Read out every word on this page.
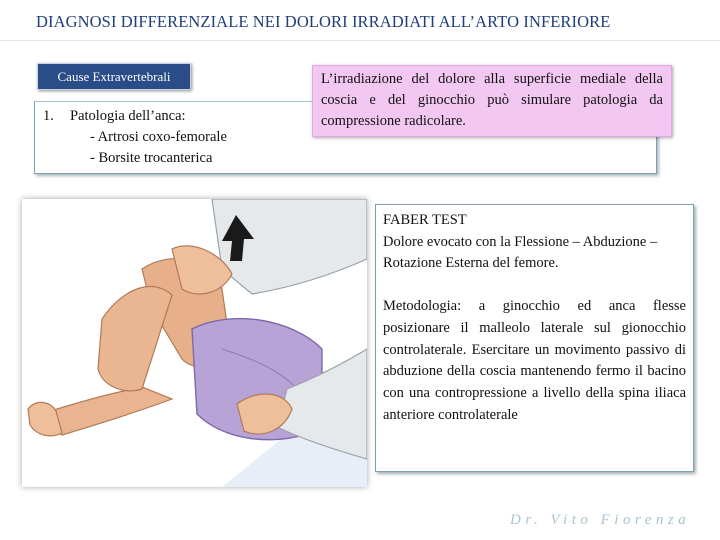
DIAGNOSI DIFFERENZIALE NEI DOLORI IRRADIATI ALL’ARTO INFERIORE
Cause Extravertebrali
1. Patologia dell’anca:
- Artrosi coxo-femorale
- Borsite trocanterica
L’irradiazione del dolore alla superficie mediale della coscia e del ginocchio può simulare patologia da compressione radicolare.
FABER TEST
Dolore evocato con la Flessione – Abduzione – Rotazione Esterna del femore.
Metodologia: a ginocchio ed anca flesse posizionare il malleolo laterale sul gionocchio controlaterale. Esercitare un movimento passivo di abduzione della coscia mantenendo fermo il bacino con una contropressione a livello della spina iliaca anteriore controlaterale
Dr. Vito Fiorenza
